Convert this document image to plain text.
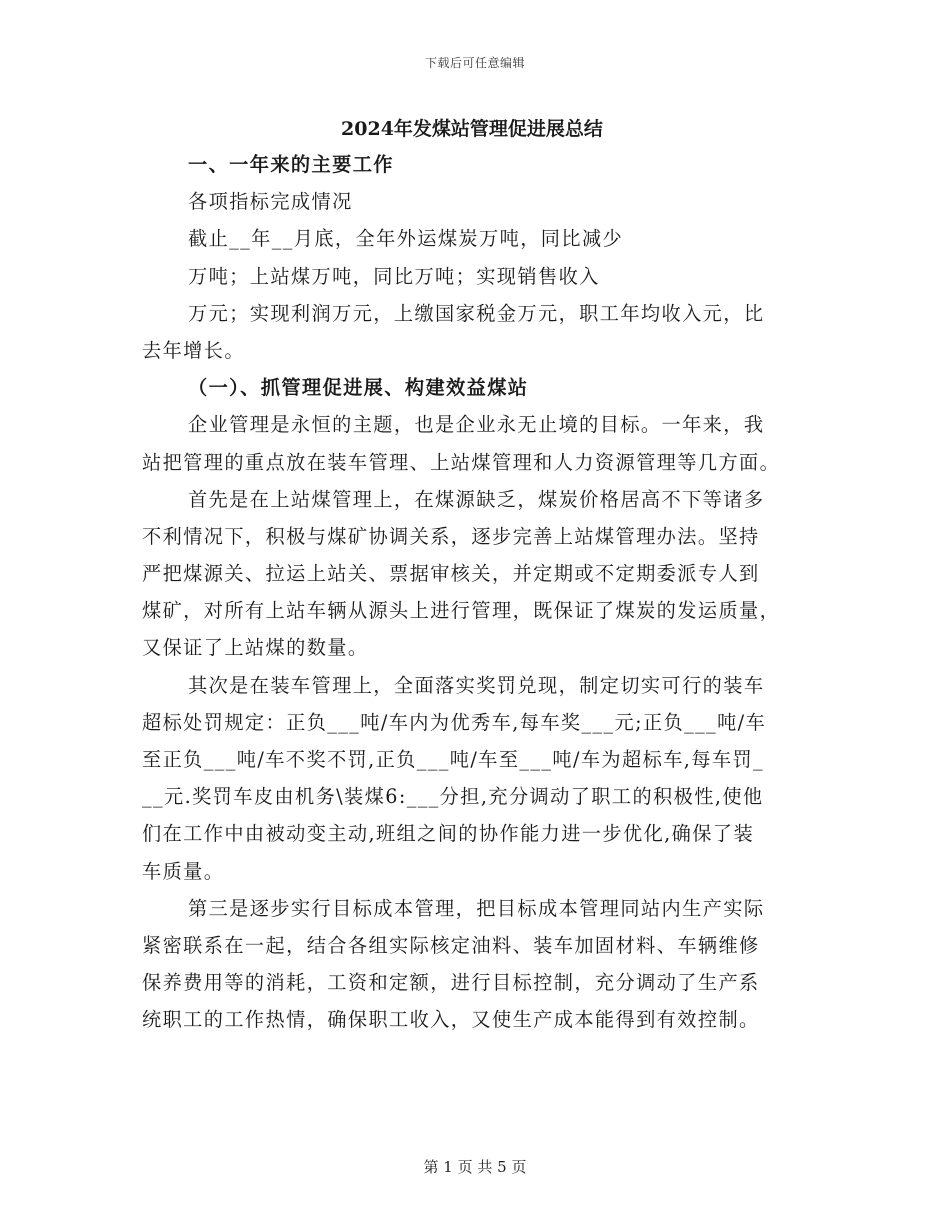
下载后可任意编辑
2024年发煤站管理促进展总结
一、一年来的主要工作
各项指标完成情况
截止__年__月底，全年外运煤炭万吨，同比减少
万吨；上站煤万吨，同比万吨；实现销售收入
万元；实现利润万元，上缴国家税金万元，职工年均收入元，比
去年增长。
（一）、抓管理促进展、构建效益煤站
企业管理是永恒的主题，也是企业永无止境的目标。一年来，我
站把管理的重点放在装车管理、上站煤管理和人力资源管理等几方面。
首先是在上站煤管理上，在煤源缺乏，煤炭价格居高不下等诸多
不利情况下，积极与煤矿协调关系，逐步完善上站煤管理办法。坚持
严把煤源关、拉运上站关、票据审核关，并定期或不定期委派专人到
煤矿，对所有上站车辆从源头上进行管理，既保证了煤炭的发运质量，
又保证了上站煤的数量。
其次是在装车管理上，全面落实奖罚兑现，制定切实可行的装车
超标处罚规定：正负___吨/车内为优秀车,每车奖___元;正负___吨/车
至正负___吨/车不奖不罚,正负___吨/车至___吨/车为超标车,每车罚_
__元.奖罚车皮由机务\装煤6:___分担,充分调动了职工的积极性,使他
们在工作中由被动变主动,班组之间的协作能力进一步优化,确保了装
车质量。
第三是逐步实行目标成本管理，把目标成本管理同站内生产实际
紧密联系在一起，结合各组实际核定油料、装车加固材料、车辆维修
保养费用等的消耗，工资和定额，进行目标控制，充分调动了生产系
统职工的工作热情，确保职工收入，又使生产成本能得到有效控制。
第 1 页 共 5 页
